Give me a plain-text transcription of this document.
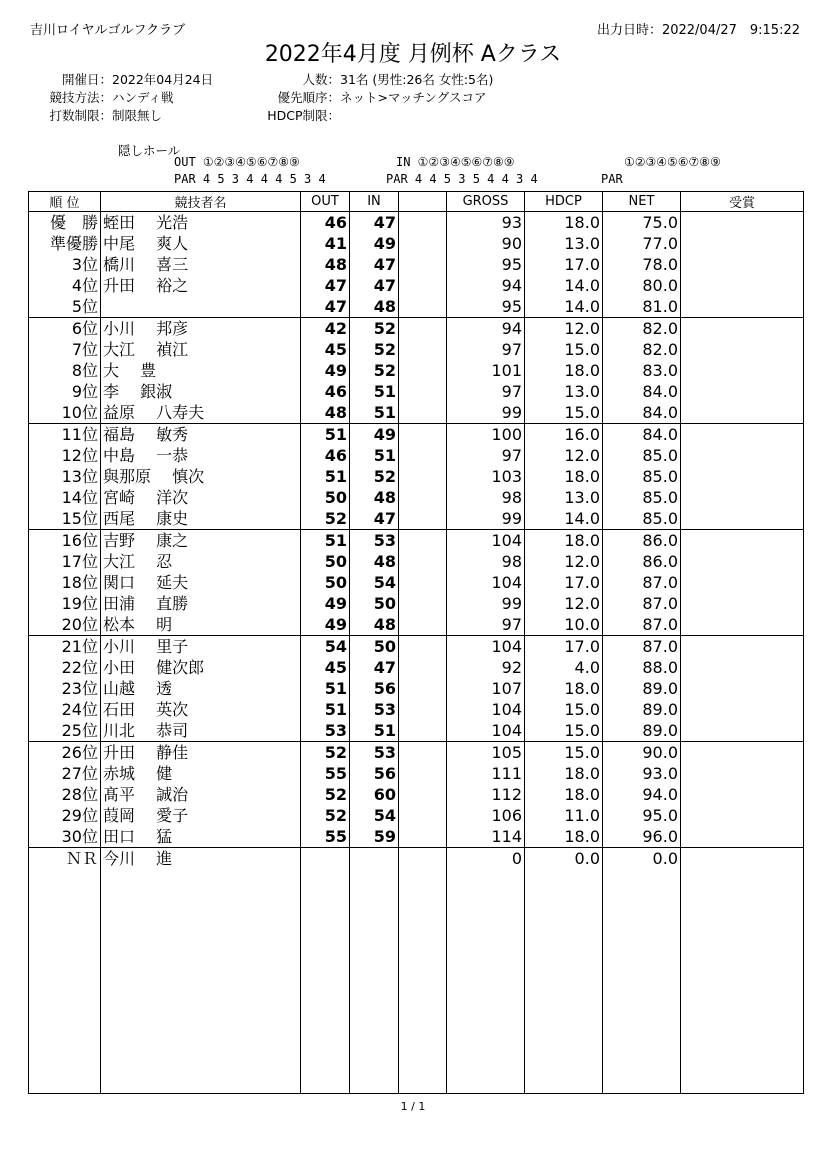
吉川ロイヤルゴルフクラブ	出力日時：2022/04/27　9:15:22
2022年4月度 月例杯 Aクラス
開催日：2022年04月24日
競技方法：ハンディ戦
打数制限：制限無し
人数：31名 (男性:26名 女性:5名)
優先順序：ネット>マッチングスコア
HDCP制限：
隠しホール
OUT ①②③④⑤⑥⑦⑧⑨	IN ①②③④⑤⑥⑦⑧⑨	①②③④⑤⑥⑦⑧⑨
PAR 4 5 3 4 4 4 5 3 4	PAR 4 4 5 3 5 4 4 3 4	PAR
順 位	競技者名	OUT	IN		GROSS	HDCP	NET	受賞
優　勝	蛭田 光浩	46	47		93	18.0	75.0	
準優勝	中尾 爽人	41	49		90	13.0	77.0	
3位	橋川 喜三	48	47		95	17.0	78.0	
4位	升田 裕之	47	47		94	14.0	80.0	
5位		47	48		95	14.0	81.0	
6位	小川 邦彦	42	52		94	12.0	82.0	
7位	大江 禎江	45	52		97	15.0	82.0	
8位	大 豊	49	52		101	18.0	83.0	
9位	李 銀淑	46	51		97	13.0	84.0	
10位	益原 八寿夫	48	51		99	15.0	84.0	
11位	福島 敏秀	51	49		100	16.0	84.0	
12位	中島 一恭	46	51		97	12.0	85.0	
13位	與那原 慎次	51	52		103	18.0	85.0	
14位	宮崎 洋次	50	48		98	13.0	85.0	
15位	西尾 康史	52	47		99	14.0	85.0	
16位	吉野 康之	51	53		104	18.0	86.0	
17位	大江 忍	50	48		98	12.0	86.0	
18位	関口 延夫	50	54		104	17.0	87.0	
19位	田浦 直勝	49	50		99	12.0	87.0	
20位	松本 明	49	48		97	10.0	87.0	
21位	小川 里子	54	50		104	17.0	87.0	
22位	小田 健次郎	45	47		92	4.0	88.0	
23位	山越 透	51	56		107	18.0	89.0	
24位	石田 英次	51	53		104	15.0	89.0	
25位	川北 恭司	53	51		104	15.0	89.0	
26位	升田 静佳	52	53		105	15.0	90.0	
27位	赤城 健	55	56		111	18.0	93.0	
28位	髙平 誠治	52	60		112	18.0	94.0	
29位	葭岡 愛子	52	54		106	11.0	95.0	
30位	田口 猛	55	59		114	18.0	96.0	
ＮＲ	今川 進				0	0.0	0.0	

1 / 1
